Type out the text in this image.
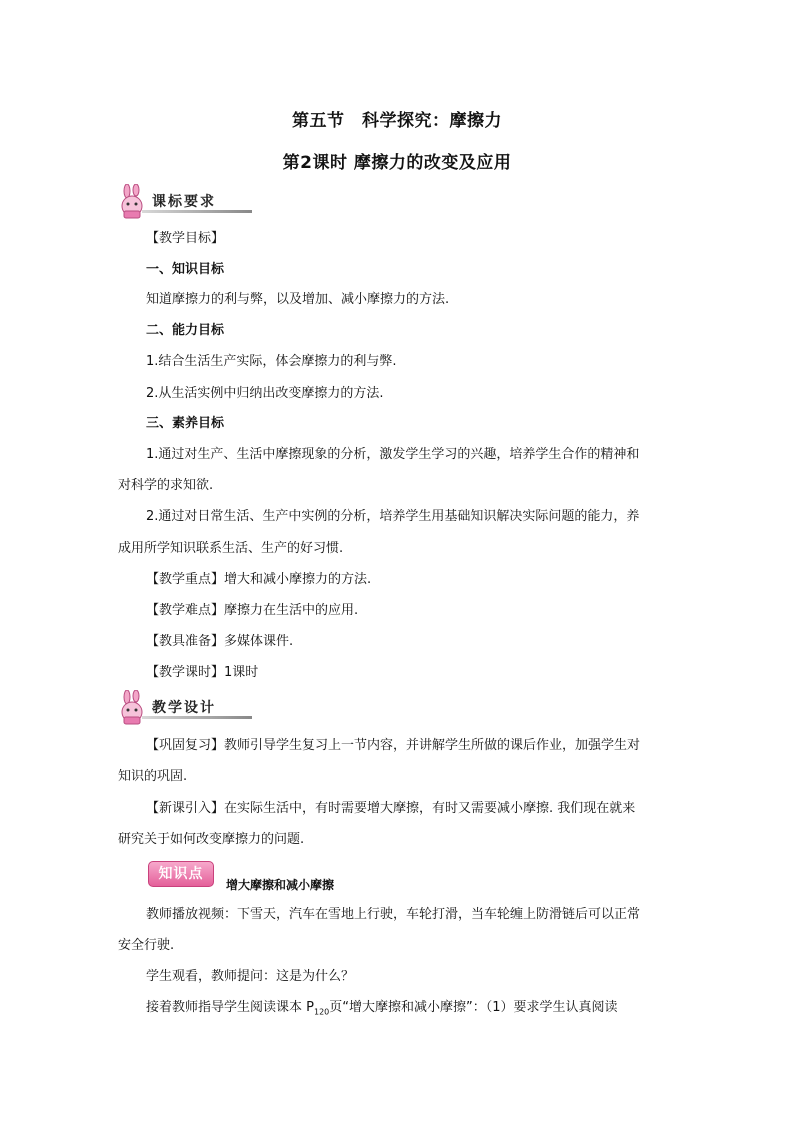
第五节　科学探究：摩擦力
第2课时 摩擦力的改变及应用
课标要求
【教学目标】
一、知识目标
知道摩擦力的利与弊，以及增加、减小摩擦力的方法.
二、能力目标
1.结合生活生产实际，体会摩擦力的利与弊.
2.从生活实例中归纳出改变摩擦力的方法.
三、素养目标
1.通过对生产、生活中摩擦现象的分析，激发学生学习的兴趣，培养学生合作的精神和
对科学的求知欲.
2.通过对日常生活、生产中实例的分析，培养学生用基础知识解决实际问题的能力，养
成用所学知识联系生活、生产的好习惯.
【教学重点】增大和减小摩擦力的方法.
【教学难点】摩擦力在生活中的应用.
【教具准备】多媒体课件.
【教学课时】1课时
教学设计
【巩固复习】教师引导学生复习上一节内容，并讲解学生所做的课后作业，加强学生对
知识的巩固.
【新课引入】在实际生活中，有时需要增大摩擦，有时又需要减小摩擦. 我们现在就来
研究关于如何改变摩擦力的问题.
知识点
增大摩擦和减小摩擦
教师播放视频：下雪天，汽车在雪地上行驶，车轮打滑，当车轮缠上防滑链后可以正常
安全行驶.
学生观看，教师提问：这是为什么？
接着教师指导学生阅读课本 $P_{120}$页“增大摩擦和减小摩擦”：（1）要求学生认真阅读
